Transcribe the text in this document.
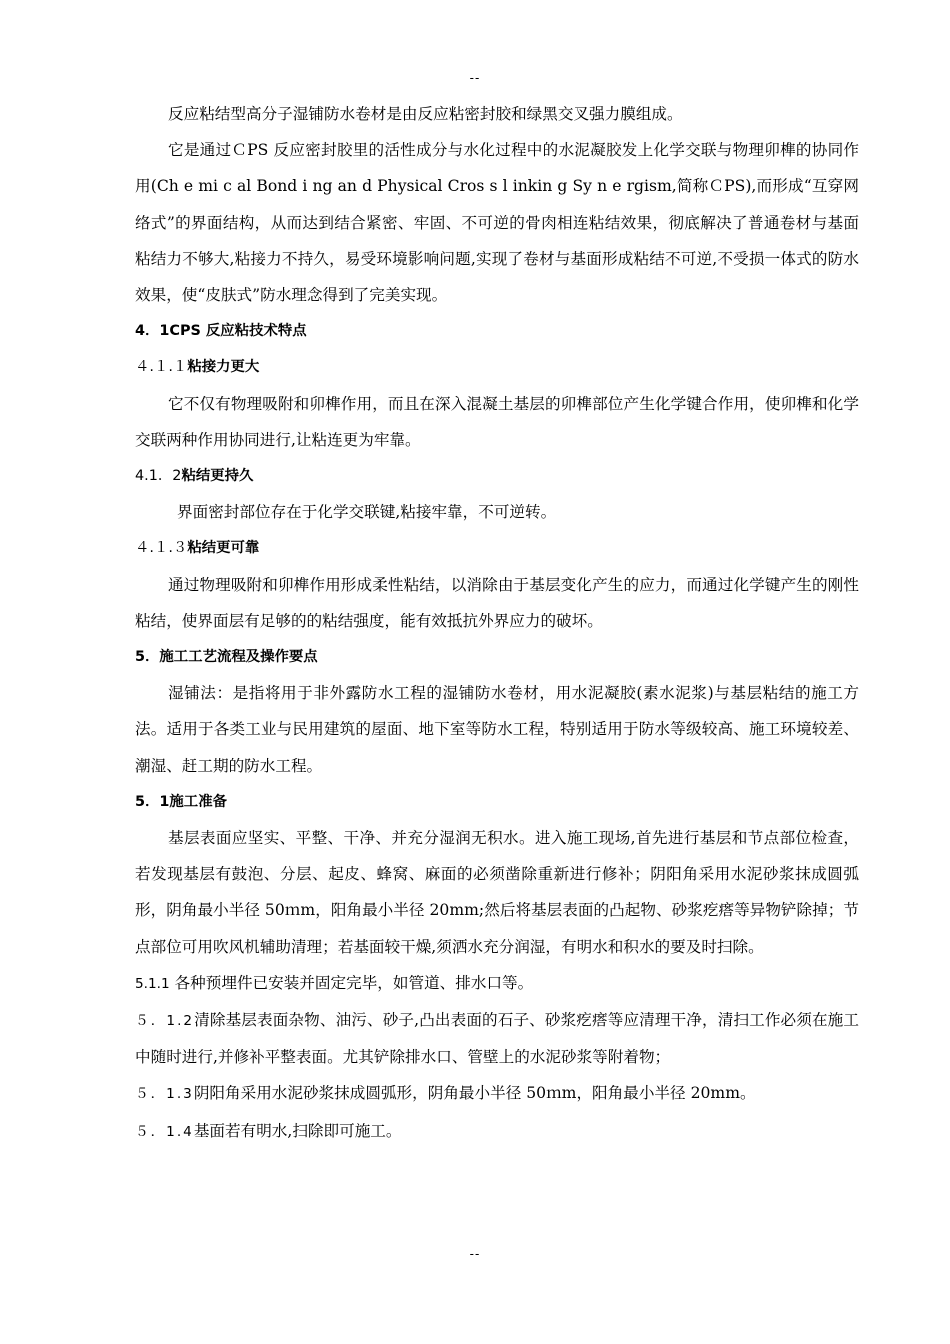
--

反应粘结型高分子湿铺防水卷材是由反应粘密封胶和绿黑交叉强力膜组成。

它是通过ＣPS 反应密封胶里的活性成分与水化过程中的水泥凝胶发上化学交联与物理卯榫的协同作用(Ch e mi c al Bond i ng an d Physical Cros s l inkin g Sy n e rgism,简称ＣPS),而形成“互穿网络式”的界面结构，从而达到结合紧密、牢固、不可逆的骨肉相连粘结效果，彻底解决了普通卷材与基面粘结力不够大,粘接力不持久，易受环境影响问题,实现了卷材与基面形成粘结不可逆,不受损一体式的防水效果，使“皮肤式”防水理念得到了完美实现。

4．1CPS 反应粘技术特点
４.１.１粘接力更大

它不仅有物理吸附和卯榫作用，而且在深入混凝土基层的卯榫部位产生化学键合作用，使卯榫和化学交联两种作用协同进行,让粘连更为牢靠。

4.1．2粘结更持久

界面密封部位存在于化学交联键,粘接牢靠，不可逆转。

４.１.３粘结更可靠

通过物理吸附和卯榫作用形成柔性粘结，以消除由于基层变化产生的应力，而通过化学键产生的刚性粘结，使界面层有足够的的粘结强度，能有效抵抗外界应力的破坏。

5．施工工艺流程及操作要点

湿铺法：是指将用于非外露防水工程的湿铺防水卷材，用水泥凝胶(素水泥浆)与基层粘结的施工方法。适用于各类工业与民用建筑的屋面、地下室等防水工程，特别适用于防水等级较高、施工环境较差、潮湿、赶工期的防水工程。

5．1施工准备

基层表面应坚实、平整、干净、并充分湿润无积水。进入施工现场,首先进行基层和节点部位检查，若发现基层有鼓泡、分层、起皮、蜂窝、麻面的必须凿除重新进行修补；阴阳角采用水泥砂浆抹成圆弧形，阴角最小半径 50ｍm，阳角最小半径 20mm;然后将基层表面的凸起物、砂浆疙瘩等异物铲除掉；节点部位可用吹风机辅助清理；若基面较干燥,须洒水充分润湿，有明水和积水的要及时扫除。

5.1.1 各种预埋件已安装并固定完毕，如管道、排水口等。

５．1.2清除基层表面杂物、油污、砂子,凸出表面的石子、砂浆疙瘩等应清理干净，清扫工作必须在施工中随时进行,并修补平整表面。尤其铲除排水口、管壁上的水泥砂浆等附着物；

５．1.3阴阳角采用水泥砂浆抹成圆弧形，阴角最小半径 50ｍm，阳角最小半径 20mm。

５．1.4基面若有明水,扫除即可施工。

--
